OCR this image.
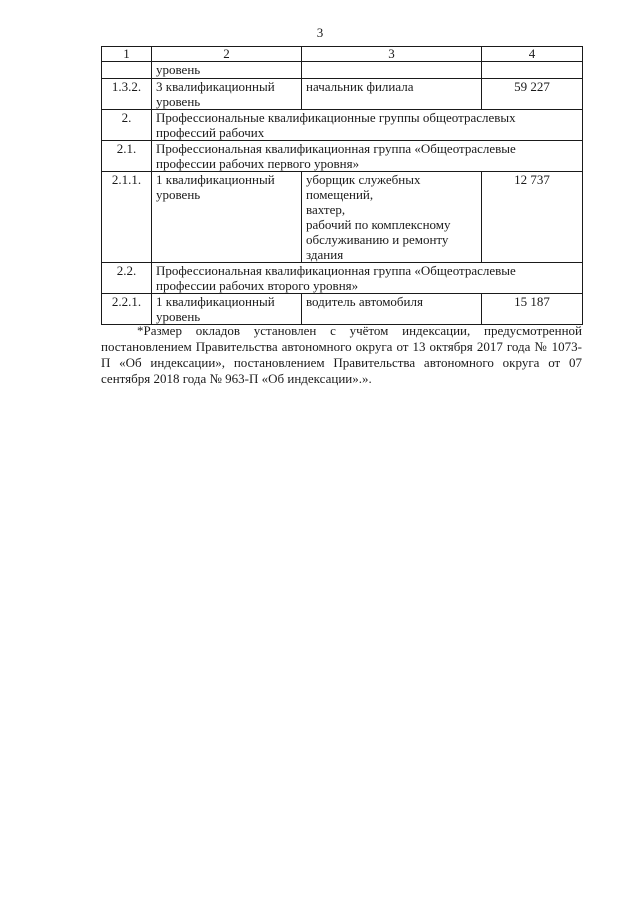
3
1	2	3	4
	уровень		
1.3.2.	3 квалификационный уровень	начальник филиала	59 227
2.	Профессиональные квалификационные группы общеотраслевых профессий рабочих		
2.1.	Профессиональная квалификационная группа «Общеотраслевые профессии рабочих первого уровня»		
2.1.1.	1 квалификационный уровень	уборщик служебных помещений,
вахтер,
рабочий по комплексному обслуживанию и ремонту здания	12 737
2.2.	Профессиональная квалификационная группа «Общеотраслевые профессии рабочих второго уровня»		
2.2.1.	1 квалификационный уровень	водитель автомобиля	15 187

*Размер окладов установлен с учётом индексации, предусмотренной постановлением Правительства автономного округа от 13 октября 2017 года № 1073-П «Об индексации», постановлением Правительства автономного округа от 07 сентября 2018 года № 963-П «Об индексации».».
